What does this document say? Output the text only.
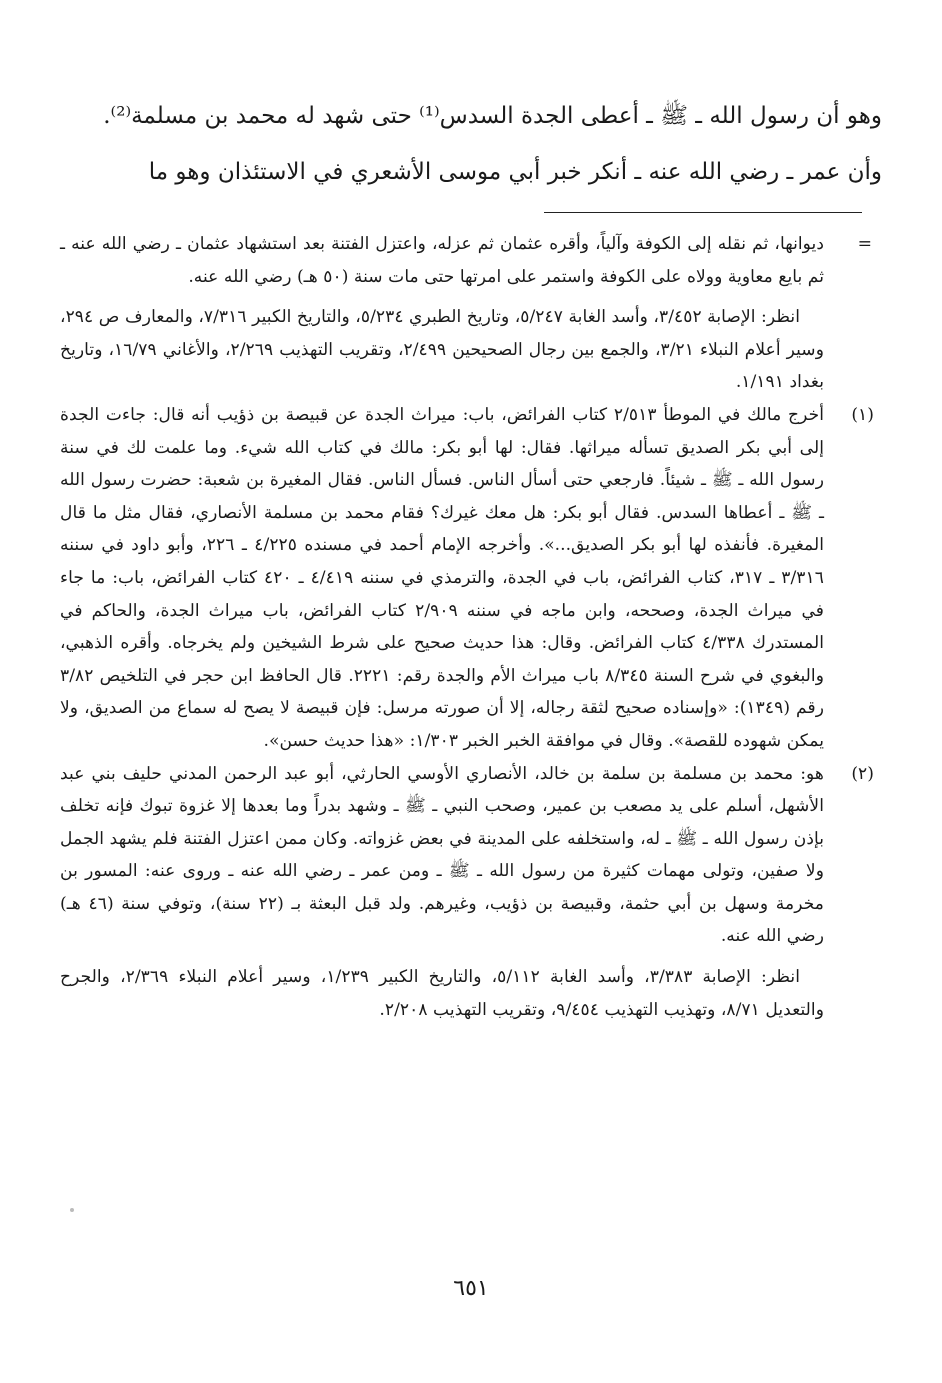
وهو أن رسول الله ـ ﷺ ـ أعطى الجدة السدس⁽¹⁾ حتى شهد له محمد بن مسلمة⁽²⁾.

وأن عمر ـ رضي الله عنه ـ أنكر خبر أبي موسى الأشعري في الاستئذان وهو ما

=

ديوانها، ثم نقله إلى الكوفة وآلياً، وأقره عثمان ثم عزله، واعتزل الفتنة بعد استشهاد عثمان ـ رضي الله عنه ـ ثم بايع معاوية وولاه على الكوفة واستمر على امرتها حتى مات سنة (٥٠ هـ) رضي الله عنه.

انظر: الإصابة ٣/٤٥٢، وأسد الغابة ٥/٢٤٧، وتاريخ الطبري ٥/٢٣٤، والتاريخ الكبير ٧/٣١٦، والمعارف ص ٢٩٤، وسير أعلام النبلاء ٣/٢١، والجمع بين رجال الصحيحين ٢/٤٩٩، وتقريب التهذيب ٢/٢٦٩، والأغاني ١٦/٧٩، وتاريخ بغداد ١/١٩١.

(١)

أخرج مالك في الموطأ ٢/٥١٣ كتاب الفرائض، باب: ميراث الجدة عن قبيصة بن ذؤيب أنه قال: جاءت الجدة إلى أبي بكر الصديق تسأله ميراثها. فقال: لها أبو بكر: مالك في كتاب الله شيء. وما علمت لك في سنة رسول الله ـ ﷺ ـ شيئاً. فارجعي حتى أسأل الناس. فسأل الناس. فقال المغيرة بن شعبة: حضرت رسول الله ـ ﷺ ـ أعطاها السدس. فقال أبو بكر: هل معك غيرك؟ فقام محمد بن مسلمة الأنصاري، فقال مثل ما قال المغيرة. فأنفذه لها أبو بكر الصديق...». وأخرجه الإمام أحمد في مسنده ٤/٢٢٥ ـ ٢٢٦، وأبو داود في سننه ٣/٣١٦ ـ ٣١٧، كتاب الفرائض، باب في الجدة، والترمذي في سننه ٤/٤١٩ ـ ٤٢٠ كتاب الفرائض، باب: ما جاء في ميراث الجدة، وصححه، وابن ماجه في سننه ٢/٩٠٩ كتاب الفرائض، باب ميراث الجدة، والحاكم في المستدرك ٤/٣٣٨ كتاب الفرائض. وقال: هذا حديث صحيح على شرط الشيخين ولم يخرجاه. وأقره الذهبي، والبغوي في شرح السنة ٨/٣٤٥ باب ميراث الأم والجدة رقم: ٢٢٢١. قال الحافظ ابن حجر في التلخيص ٣/٨٢ رقم (١٣٤٩): «وإسناده صحيح لثقة رجاله، إلا أن صورته مرسل: فإن قبيصة لا يصح له سماع من الصديق، ولا يمكن شهوده للقصة». وقال في موافقة الخبر الخبر ١/٣٠٣: «هذا حديث حسن».

(٢)

هو: محمد بن مسلمة بن سلمة بن خالد، الأنصاري الأوسي الحارثي، أبو عبد الرحمن المدني حليف بني عبد الأشهل، أسلم على يد مصعب بن عمير، وصحب النبي ـ ﷺ ـ وشهد بدراً وما بعدها إلا غزوة تبوك فإنه تخلف بإذن رسول الله ـ ﷺ ـ له، واستخلفه على المدينة في بعض غزواته. وكان ممن اعتزل الفتنة فلم يشهد الجمل ولا صفين، وتولى مهمات كثيرة من رسول الله ـ ﷺ ـ ومن عمر ـ رضي الله عنه ـ وروى عنه: المسور بن مخرمة وسهل بن أبي حثمة، وقبيصة بن ذؤيب، وغيرهم. ولد قبل البعثة بـ (٢٢ سنة)، وتوفي سنة (٤٦ هـ) رضي الله عنه.

انظر: الإصابة ٣/٣٨٣، وأسد الغابة ٥/١١٢، والتاريخ الكبير ١/٢٣٩، وسير أعلام النبلاء ٢/٣٦٩، والجرح والتعديل ٨/٧١، وتهذيب التهذيب ٩/٤٥٤، وتقريب التهذيب ٢/٢٠٨.

٦٥١
